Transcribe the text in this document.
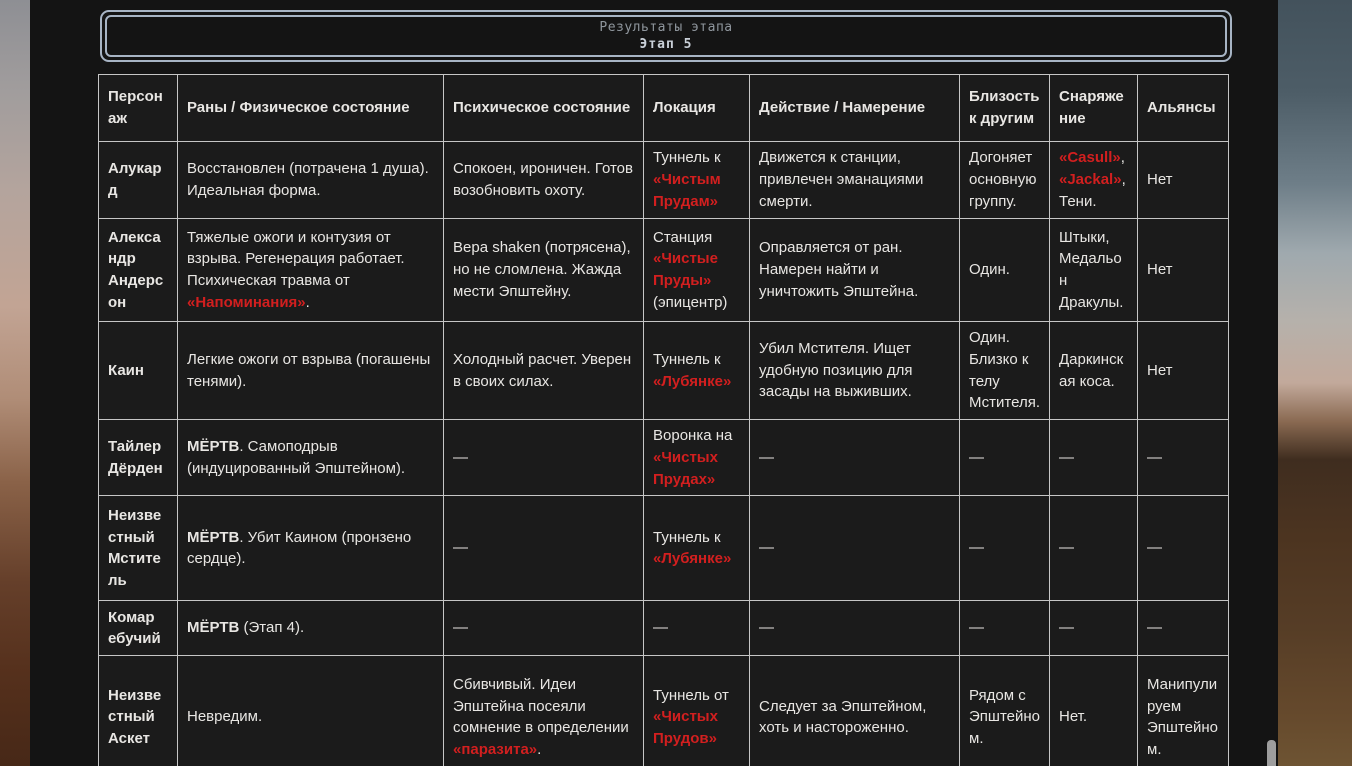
Результаты этапа
Этап 5
Персонаж	Раны / Физическое состояние	Психическое состояние	Локация	Действие / Намерение	Близость к другим	Снаряжение	Альянсы
Алукард	Восстановлен (потрачена 1 душа). Идеальная форма.	Спокоен, ироничен. Готов возобновить охоту.	Туннель к «Чистым Прудам»	Движется к станции, привлечен эманациями смерти.	Догоняет основную группу.	«Casull», «Jackal», Тени.	Нет
Александр Андерсон	Тяжелые ожоги и контузия от взрыва. Регенерация работает. Психическая травма от «Напоминания».	Вера shaken (потрясена), но не сломлена. Жажда мести Эпштейну.	Станция «Чистые Пруды» (эпицентр)	Оправляется от ран. Намерен найти и уничтожить Эпштейна.	Один.	Штыки, Медальон Дракулы.	Нет
Каин	Легкие ожоги от взрыва (погашены тенями).	Холодный расчет. Уверен в своих силах.	Туннель к «Лубянке»	Убил Мстителя. Ищет удобную позицию для засады на выживших.	Один. Близко к телу Мстителя.	Даркинская коса.	Нет
Тайлер Дёрден	МЁРТВ. Самоподрыв (индуцированный Эпштейном).	—	Воронка на «Чистых Прудах»	—	—	—	—
Неизвестный Мститель	МЁРТВ. Убит Каином (пронзено сердце).	—	Туннель к «Лубянке»	—	—	—	—
Комар ебучий	МЁРТВ (Этап 4).	—	—	—	—	—	—
Неизвестный Аскет	Невредим.	Сбивчивый. Идеи Эпштейна посеяли сомнение в определении «паразита».	Туннель от «Чистых Прудов»	Следует за Эпштейном, хоть и настороженно.	Рядом с Эпштейном.	Нет.	Манипулируем Эпштейном.
